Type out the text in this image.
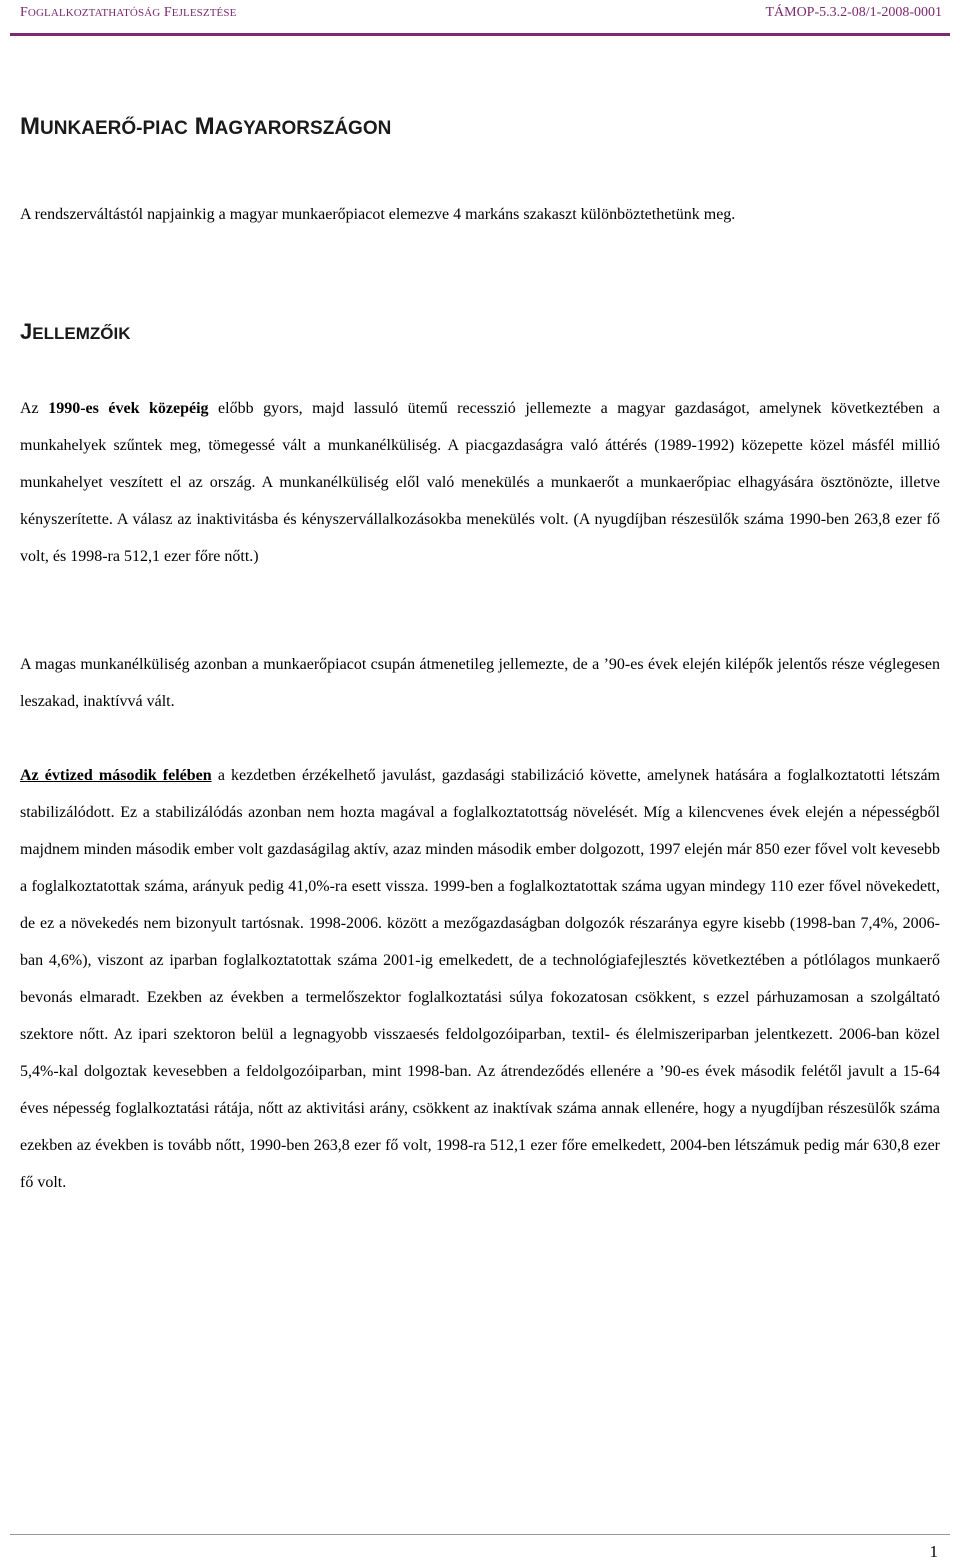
FOGLALKOZTATHATÓSÁG FEJLESZTÉSE	TÁMOP-5.3.2-08/1-2008-0001
MUNKAERŐ-PIAC MAGYARORSZÁGON

A rendszerváltástól napjainkig a magyar munkaerőpiacot elemezve 4 markáns szakaszt különböztethetünk meg.

JELLEMZŐIK

Az 1990-es évek közepéig előbb gyors, majd lassuló ütemű recesszió jellemezte a magyar gazdaságot, amelynek következtében a munkahelyek szűntek meg, tömegessé vált a munkanélküliség. A piacgazdaságra való áttérés (1989-1992) közepette közel másfél millió munkahelyet veszített el az ország. A munkanélküliség elől való menekülés a munkaerőt a munkaerőpiac elhagyására ösztönözte, illetve kényszerítette. A válasz az inaktivitásba és kényszervállalkozásokba menekülés volt. (A nyugdíjban részesülők száma 1990-ben 263,8 ezer fő volt, és 1998-ra 512,1 ezer főre nőtt.)

A magas munkanélküliség azonban a munkaerőpiacot csupán átmenetileg jellemezte, de a ’90-es évek elején kilépők jelentős része véglegesen leszakad, inaktívvá vált.

Az évtized második felében a kezdetben érzékelhető javulást, gazdasági stabilizáció követte, amelynek hatására a foglalkoztatotti létszám stabilizálódott. Ez a stabilizálódás azonban nem hozta magával a foglalkoztatottság növelését. Míg a kilencvenes évek elején a népességből majdnem minden második ember volt gazdaságilag aktív, azaz minden második ember dolgozott, 1997 elején már 850 ezer fővel volt kevesebb a foglalkoztatottak száma, arányuk pedig 41,0%-ra esett vissza. 1999-ben a foglalkoztatottak száma ugyan mindegy 110 ezer fővel növekedett, de ez a növekedés nem bizonyult tartósnak. 1998-2006. között a mezőgazdaságban dolgozók részaránya egyre kisebb (1998-ban 7,4%, 2006-ban 4,6%), viszont az iparban foglalkoztatottak száma 2001-ig emelkedett, de a technológiafejlesztés következtében a pótlólagos munkaerő bevonás elmaradt. Ezekben az években a termelőszektor foglalkoztatási súlya fokozatosan csökkent, s ezzel párhuzamosan a szolgáltató szektore nőtt. Az ipari szektoron belül a legnagyobb visszaesés feldolgozóiparban, textil- és élelmiszeriparban jelentkezett. 2006-ban közel 5,4%-kal dolgoztak kevesebben a feldolgozóiparban, mint 1998-ban. Az átrendeződés ellenére a ’90-es évek második felétől javult a 15-64 éves népesség foglalkoztatási rátája, nőtt az aktivitási arány, csökkent az inaktívak száma annak ellenére, hogy a nyugdíjban részesülők száma ezekben az években is tovább nőtt, 1990-ben 263,8 ezer fő volt, 1998-ra 512,1 ezer főre emelkedett, 2004-ben létszámuk pedig már 630,8 ezer fő volt.

1
